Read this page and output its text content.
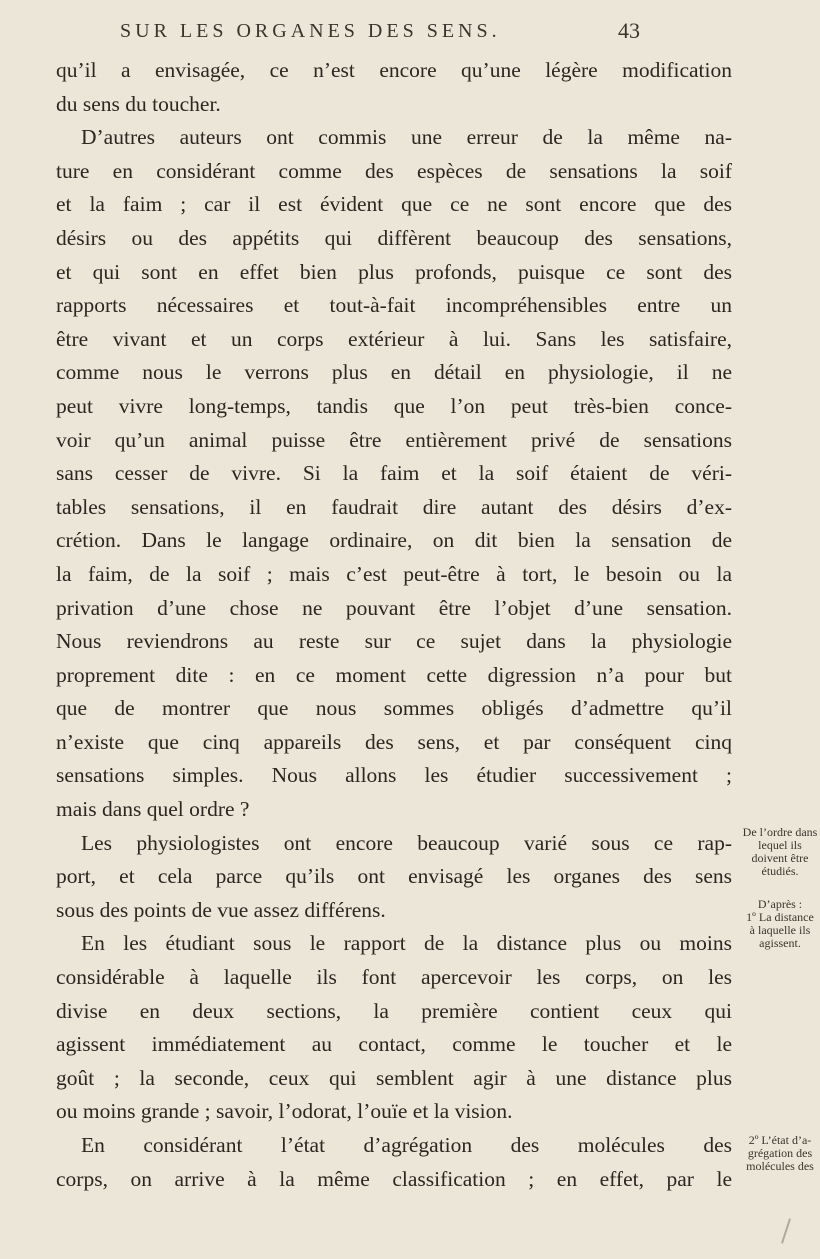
SUR LES ORGANES DES SENS.	43
qu’il a envisagée, ce n’est encore qu’une légère modification
du sens du toucher.
D’autres auteurs ont commis une erreur de la même na-
ture en considérant comme des espèces de sensations la soif
et la faim ; car il est évident que ce ne sont encore que des
désirs ou des appétits qui diffèrent beaucoup des sensations,
et qui sont en effet bien plus profonds, puisque ce sont des
rapports nécessaires et tout-à-fait incompréhensibles entre un
être vivant et un corps extérieur à lui. Sans les satisfaire,
comme nous le verrons plus en détail en physiologie, il ne
peut vivre long-temps, tandis que l’on peut très-bien conce-
voir qu’un animal puisse être entièrement privé de sensations
sans cesser de vivre. Si la faim et la soif étaient de véri-
tables sensations, il en faudrait dire autant des désirs d’ex-
crétion. Dans le langage ordinaire, on dit bien la sensation de
la faim, de la soif ; mais c’est peut-être à tort, le besoin ou la
privation d’une chose ne pouvant être l’objet d’une sensation.
Nous reviendrons au reste sur ce sujet dans la physiologie
proprement dite : en ce moment cette digression n’a pour but
que de montrer que nous sommes obligés d’admettre qu’il
n’existe que cinq appareils des sens, et par conséquent cinq
sensations simples. Nous allons les étudier successivement ;
mais dans quel ordre ?
Les physiologistes ont encore beaucoup varié sous ce rap-
port, et cela parce qu’ils ont envisagé les organes des sens
sous des points de vue assez différens.
En les étudiant sous le rapport de la distance plus ou moins
considérable à laquelle ils font apercevoir les corps, on les
divise en deux sections, la première contient ceux qui
agissent immédiatement au contact, comme le toucher et le
goût ; la seconde, ceux qui semblent agir à une distance plus
ou moins grande ; savoir, l’odorat, l’ouïe et la vision.
En considérant l’état d’agrégation des molécules des
corps, on arrive à la même classification ; en effet, par le
De l’ordre dans
lequel ils
doivent être
étudiés.
D’après :
1º La distance
à laquelle ils
agissent.
2º L’état d’a-
grégation des
molécules des
